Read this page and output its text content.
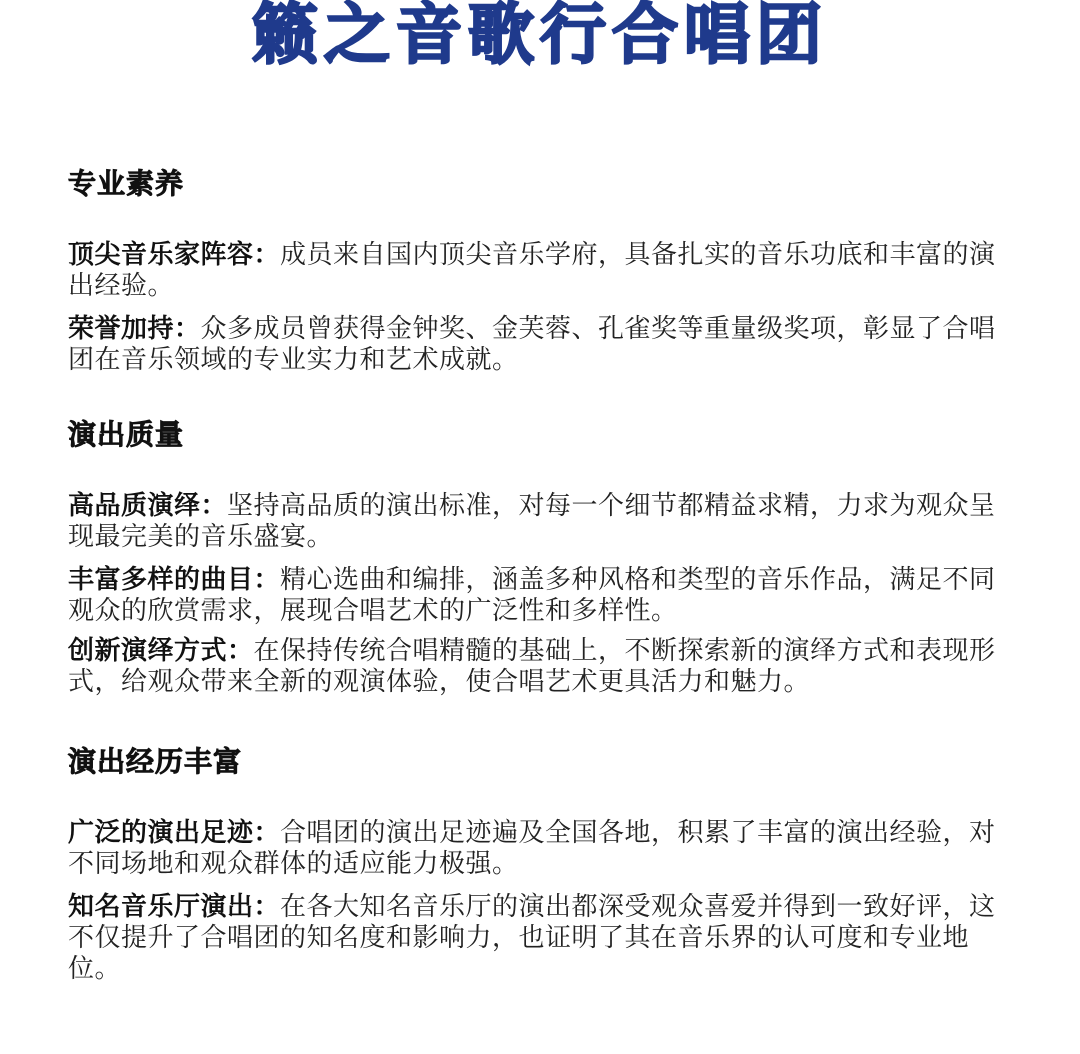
籁之音歌行合唱团
专业素养
顶尖音乐家阵容：成员来自国内顶尖音乐学府，具备扎实的音乐功底和丰富的演出经验。
荣誉加持：众多成员曾获得金钟奖、金芙蓉、孔雀奖等重量级奖项，彰显了合唱团在音乐领域的专业实力和艺术成就。
演出质量
高品质演绎：坚持高品质的演出标准，对每一个细节都精益求精，力求为观众呈现最完美的音乐盛宴。
丰富多样的曲目：精心选曲和编排，涵盖多种风格和类型的音乐作品，满足不同观众的欣赏需求，展现合唱艺术的广泛性和多样性。
创新演绎方式：在保持传统合唱精髓的基础上，不断探索新的演绎方式和表现形式，给观众带来全新的观演体验，使合唱艺术更具活力和魅力。
演出经历丰富
广泛的演出足迹：合唱团的演出足迹遍及全国各地，积累了丰富的演出经验，对不同场地和观众群体的适应能力极强。
知名音乐厅演出：在各大知名音乐厅的演出都深受观众喜爱并得到一致好评，这不仅提升了合唱团的知名度和影响力，也证明了其在音乐界的认可度和专业地位。
